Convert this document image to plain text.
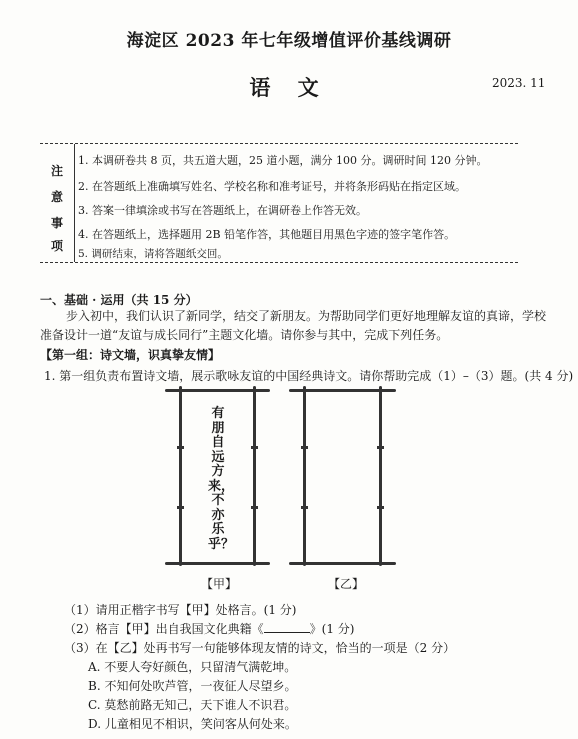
海淀区 2023 年七年级增值评价基线调研
语 文	2023. 11
注
意
事
项
1. 本调研卷共 8 页，共五道大题，25 道小题，满分 100 分。调研时间 120 分钟。
2. 在答题纸上准确填写姓名、学校名称和准考证号，并将条形码贴在指定区域。
3. 答案一律填涂或书写在答题纸上，在调研卷上作答无效。
4. 在答题纸上，选择题用 2B 铅笔作答，其他题目用黑色字迹的签字笔作答。
5. 调研结束，请将答题纸交回。
一、基础 · 运用（共 15 分）
步入初中，我们认识了新同学，结交了新朋友。为帮助同学们更好地理解友谊的真谛，学校
准备设计一道“友谊与成长同行”主题文化墙。请你参与其中，完成下列任务。
【第一组：诗文墙，识真挚友情】
1. 第一组负责布置诗文墙，展示歌咏友谊的中国经典诗文。请你帮助完成（1）–（3）题。(共 4 分)
有朋自远方来，不亦乐乎？
【甲】	【乙】
（1）请用正楷字书写【甲】处格言。(1 分)
（2）格言【甲】出自我国文化典籍《	》(1 分)
（3）在【乙】处再书写一句能够体现友情的诗文，恰当的一项是（2 分）
A. 不要人夸好颜色，只留清气满乾坤。
B. 不知何处吹芦管，一夜征人尽望乡。
C. 莫愁前路无知己，天下谁人不识君。
D. 儿童相见不相识，笑问客从何处来。
